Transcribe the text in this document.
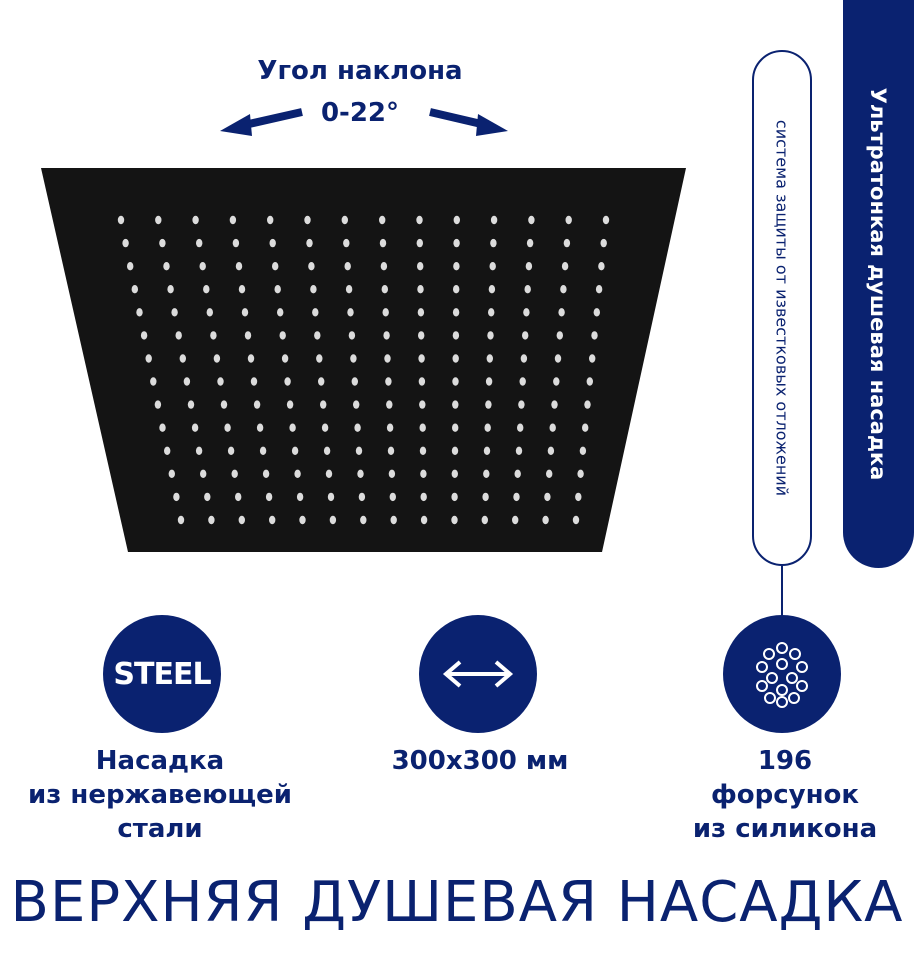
Угол наклона
0-22°	Ультратонкая душевая насадка
система защиты от известковых отложений
STEEL
Насадка
из нержавеющей
стали
300x300 мм	196
форсунок
из силикона
ВЕРХНЯЯ ДУШЕВАЯ НАСАДКА
